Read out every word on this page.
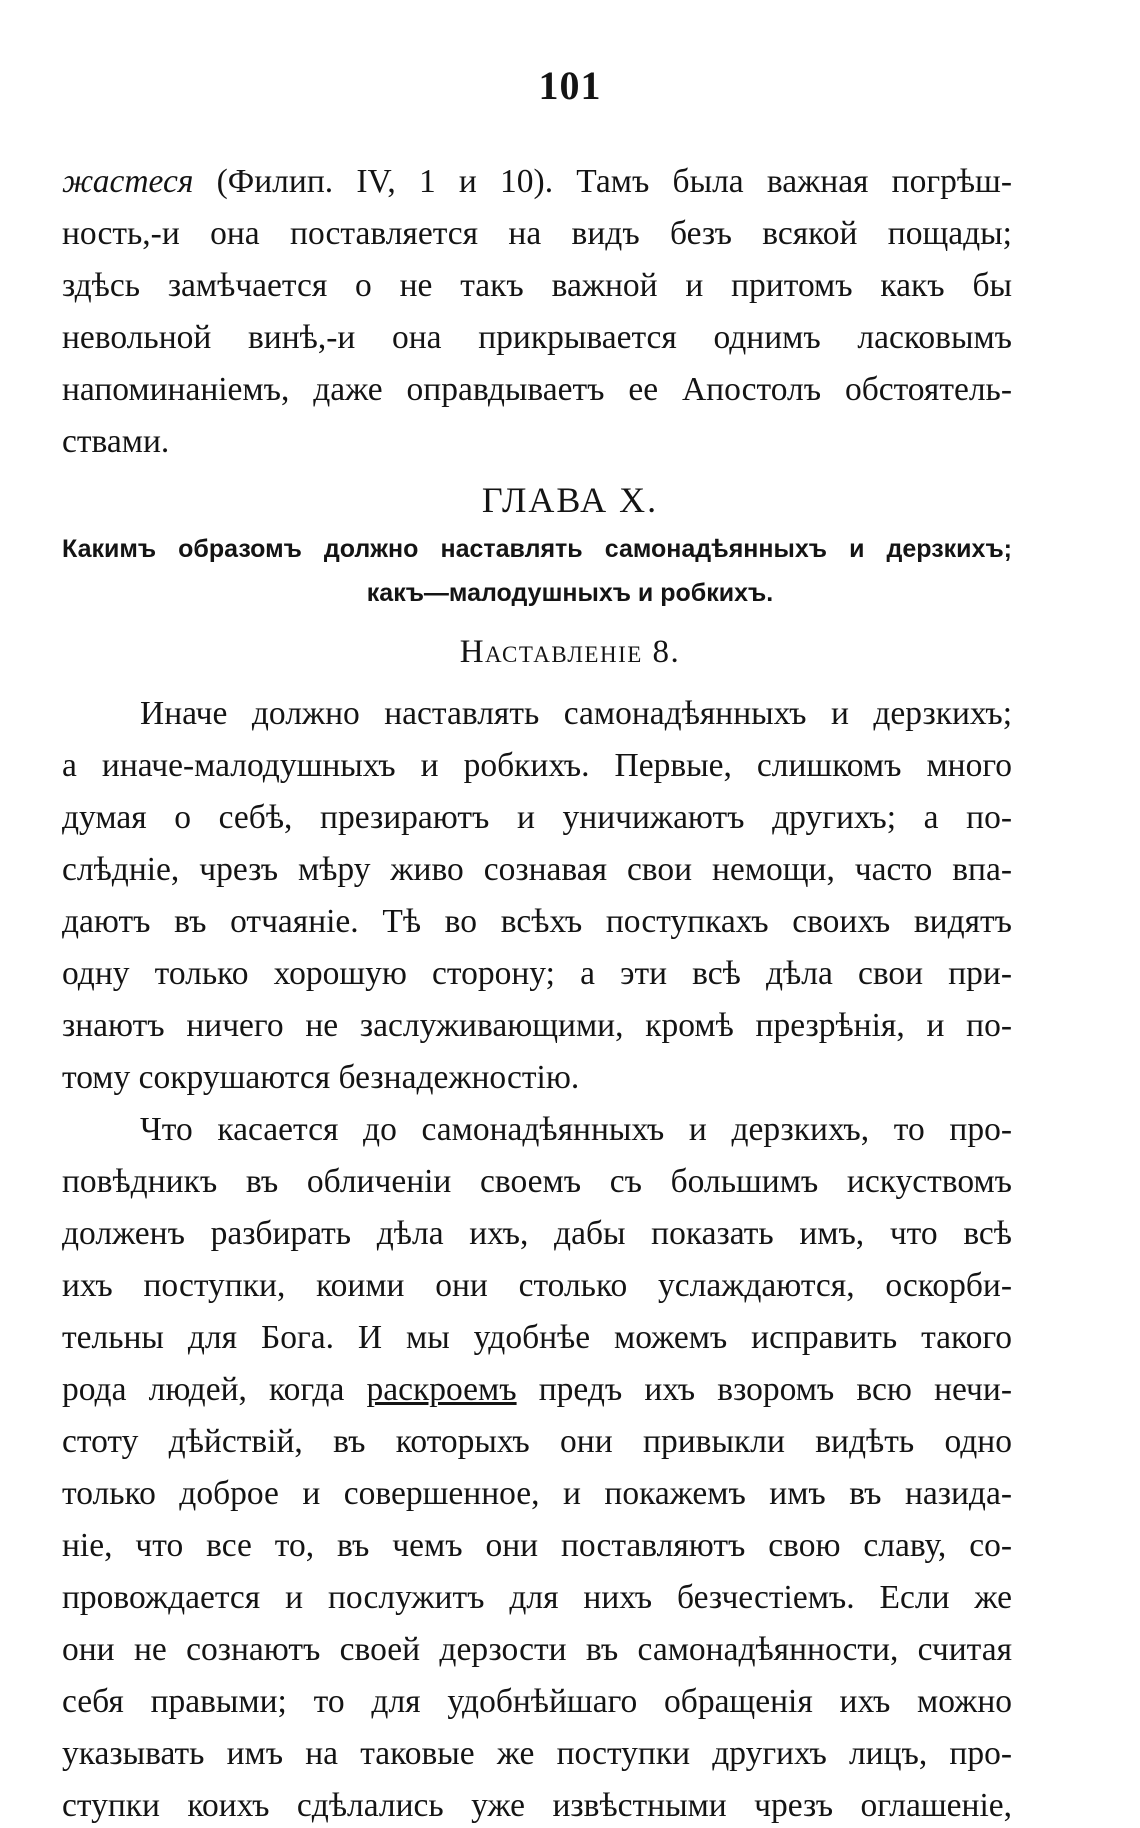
101
жастеся (Филип. IV, 1 и 10). Тамъ была важная погрѣш-
ность,-и она поставляется на видъ безъ всякой пощады;
здѣсь замѣчается о не такъ важной и притомъ какъ бы
невольной винѣ,-и она прикрывается однимъ ласковымъ
напоминаніемъ, даже оправдываетъ ее Апостолъ обстоятель-
ствами.
ГЛАВА X.
Какимъ образомъ должно наставлять самонадѣянныхъ и дерзкихъ;
какъ—малодушныхъ и робкихъ.
Наставленіе 8.
Иначе должно наставлять самонадѣянныхъ и дерзкихъ;
а иначе-малодушныхъ и робкихъ. Первые, слишкомъ много
думая о себѣ, презираютъ и уничижаютъ другихъ; а по-
слѣдніе, чрезъ мѣру живо сознавая свои немощи, часто впа-
даютъ въ отчаяніе. Тѣ во всѣхъ поступкахъ своихъ видятъ
одну только хорошую сторону; а эти всѣ дѣла свои при-
знаютъ ничего не заслуживающими, кромѣ презрѣнія, и по-
тому сокрушаются безнадежностію.
Что касается до самонадѣянныхъ и дерзкихъ, то про-
повѣдникъ въ обличеніи своемъ съ большимъ искуствомъ
долженъ разбирать дѣла ихъ, дабы показать имъ, что всѣ
ихъ поступки, коими они столько услаждаются, оскорби-
тельны для Бога. И мы удобнѣе можемъ исправить такого
рода людей, когда раскроемъ предъ ихъ взоромъ всю нечи-
стоту дѣйствій, въ которыхъ они привыкли видѣть одно
только доброе и совершенное, и покажемъ имъ въ назида-
ніе, что все то, въ чемъ они поставляютъ свою славу, со-
провождается и послужитъ для нихъ безчестіемъ. Если же
они не сознаютъ своей дерзости въ самонадѣянности, считая
себя правыми; то для удобнѣйшаго обращенія ихъ можно
указывать имъ на таковые же поступки другихъ лицъ, про-
ступки коихъ сдѣлались уже извѣстными чрезъ оглашеніе,
